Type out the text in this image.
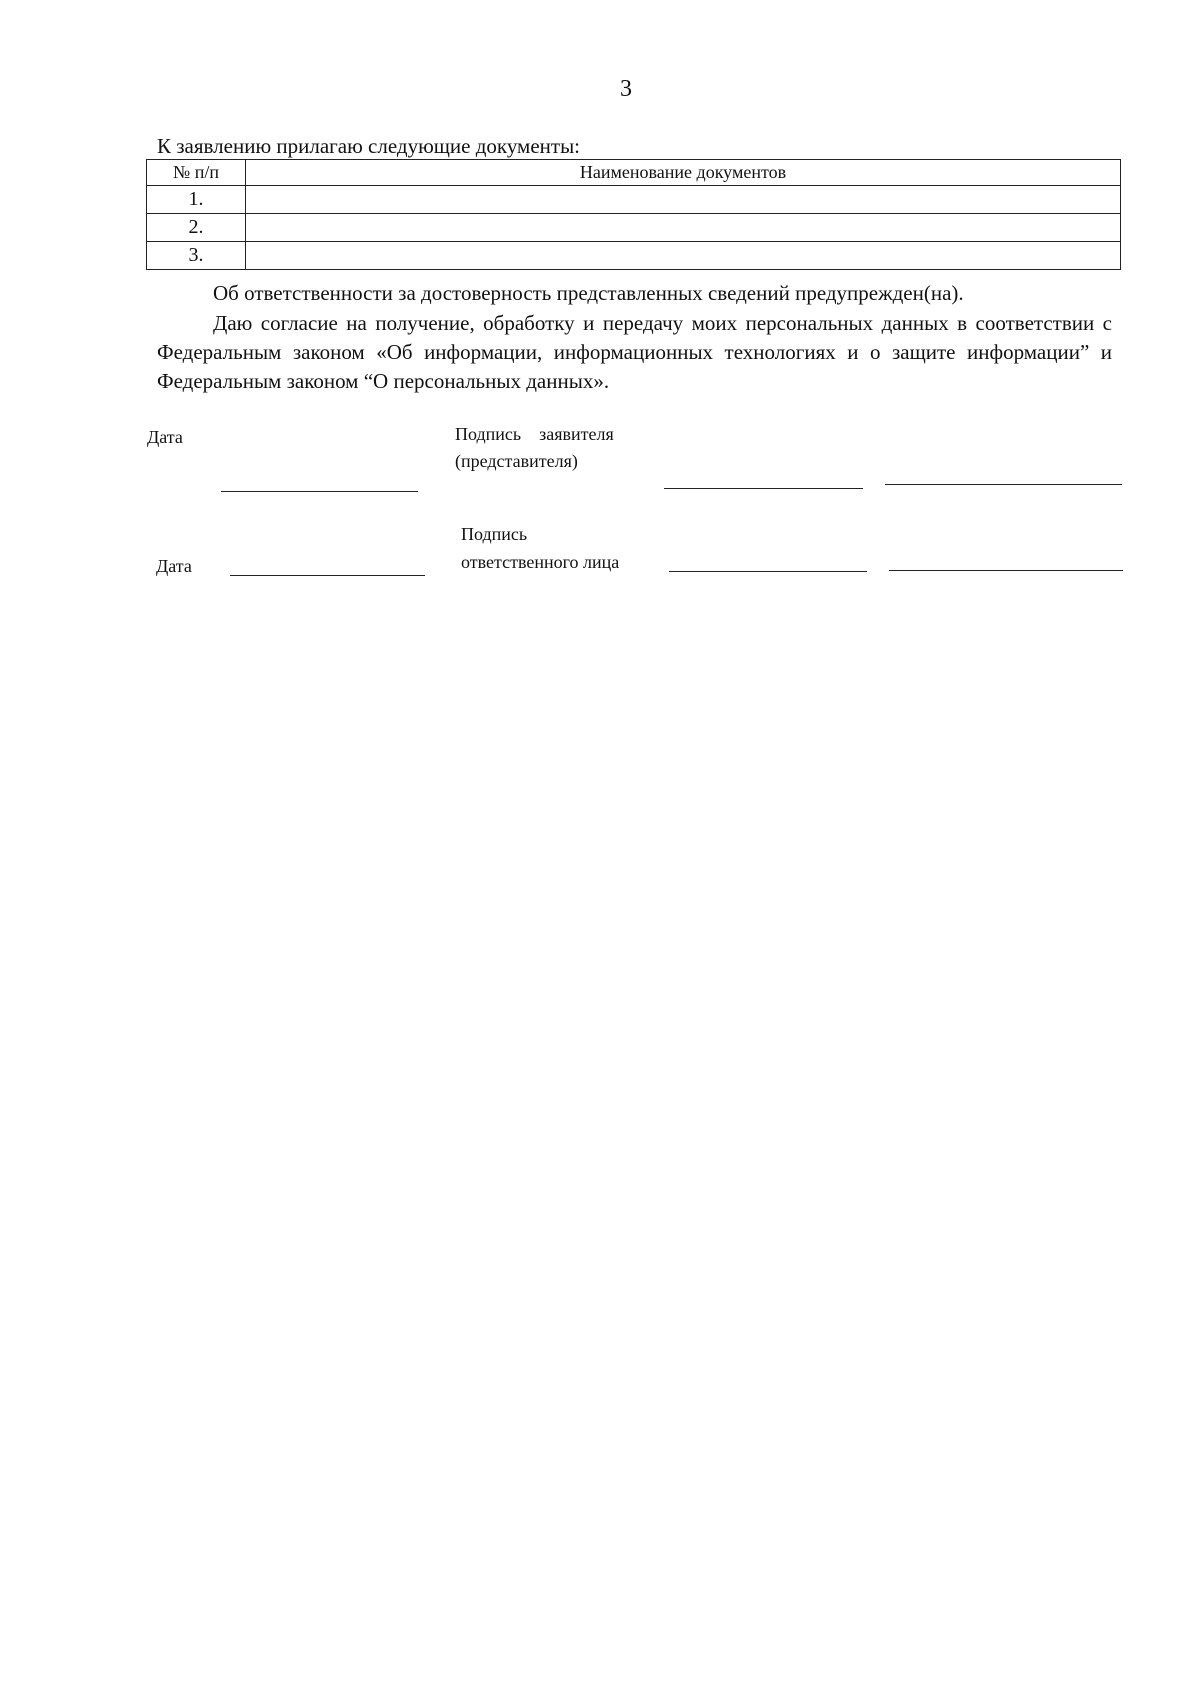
3
К заявлению прилагаю следующие документы:
№ п/п	Наименование документов
1.	
2.	
3.	
Об ответственности за достоверность представленных сведений предупрежден(на).
Даю согласие на получение, обработку и передачу моих персональных данных в соответствии с Федеральным законом «Об информации, информационных технологиях и о защите информации” и Федеральным законом “О персональных данных».
Дата	Подпись    заявителя
(представителя)
Подпись
ответственного лица
Дата
